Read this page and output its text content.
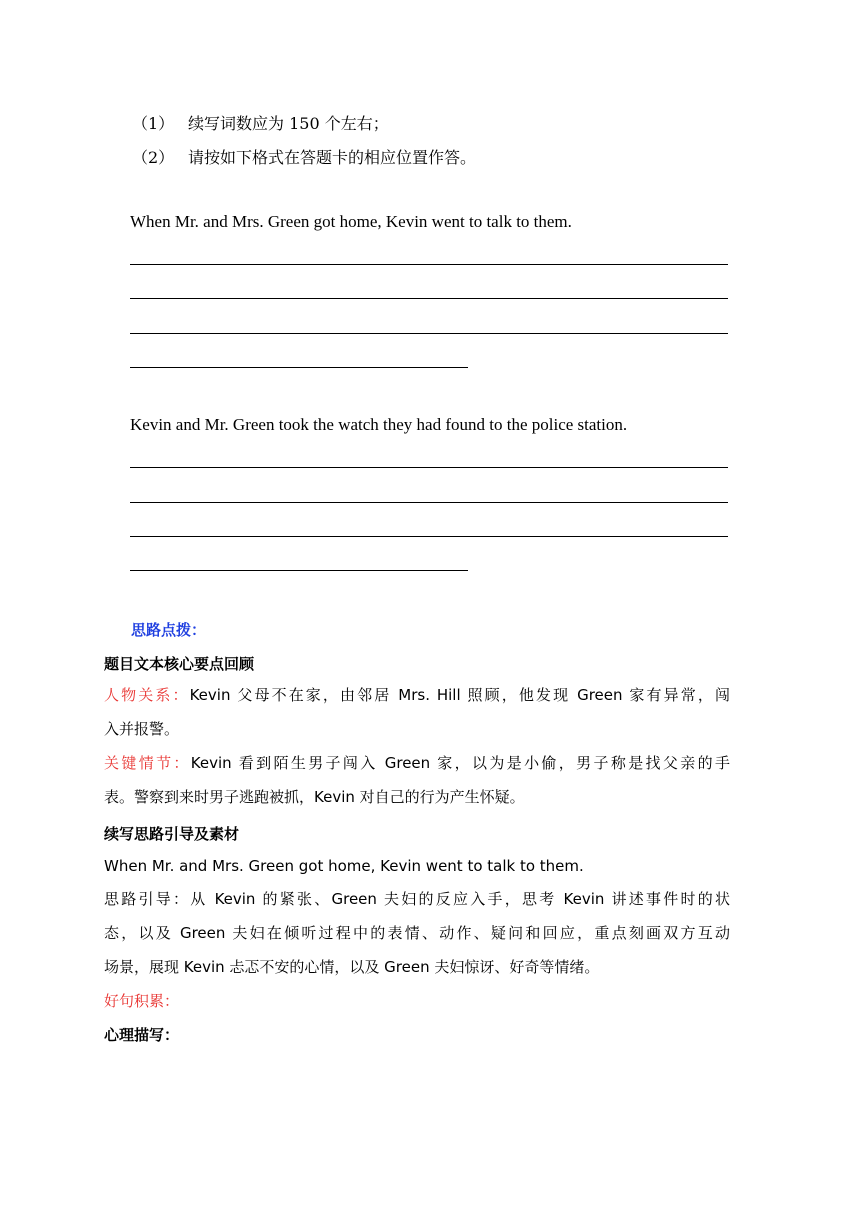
（1） 续写词数应为 150 个左右；
（2） 请按如下格式在答题卡的相应位置作答。
When Mr. and Mrs. Green got home, Kevin went to talk to them.
Kevin and Mr. Green took the watch they had found to the police station.
思路点拨：
题目文本核心要点回顾
人物关系：Kevin 父母不在家，由邻居 Mrs. Hill 照顾，他发现 Green 家有异常，闯
入并报警。
关键情节：Kevin 看到陌生男子闯入 Green 家，以为是小偷，男子称是找父亲的手
表。警察到来时男子逃跑被抓，Kevin 对自己的行为产生怀疑。
续写思路引导及素材
When Mr. and Mrs. Green got home, Kevin went to talk to them.
思路引导：从 Kevin 的紧张、Green 夫妇的反应入手，思考 Kevin 讲述事件时的状
态，以及 Green 夫妇在倾听过程中的表情、动作、疑问和回应，重点刻画双方互动
场景，展现 Kevin 忐忑不安的心情，以及 Green 夫妇惊讶、好奇等情绪。
好句积累：
心理描写：
